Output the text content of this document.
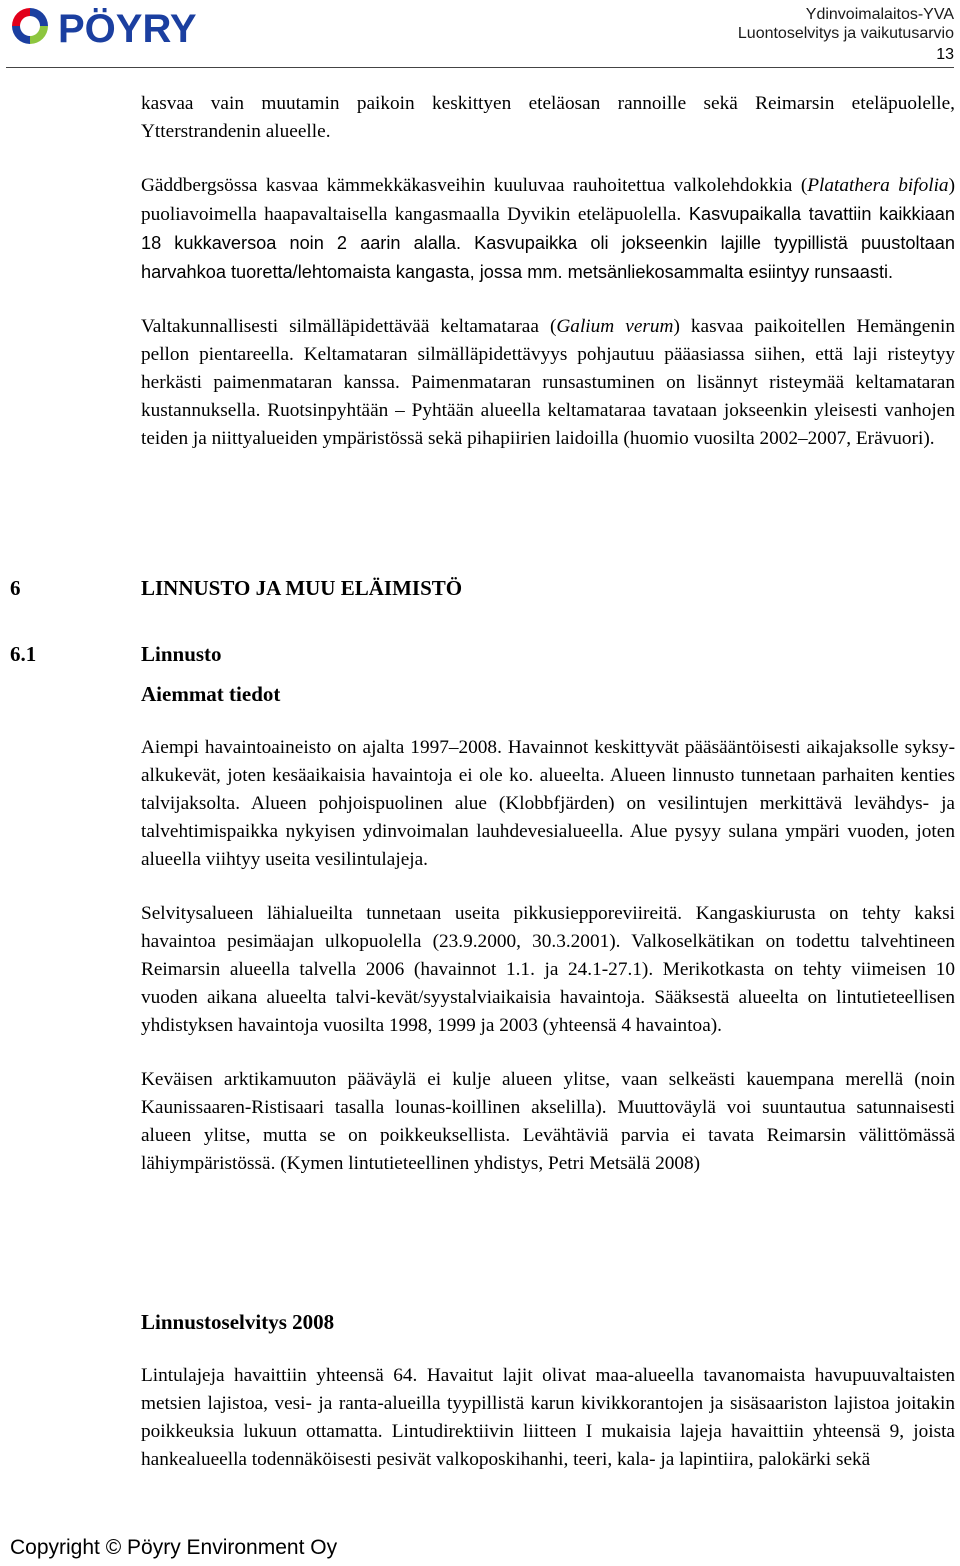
PÖYRY	Ydinvoimalaitos-YVA
Luontoselvitys ja vaikutusarvio
13

kasvaa vain muutamin paikoin keskittyen eteläosan rannoille sekä Reimarsin eteläpuolelle, Ytterstrandenin alueelle.

Gäddbergsössa kasvaa kämmekkäkasveihin kuuluvaa rauhoitettua valkolehdokkia (Platathera bifolia) puoliavoimella haapavaltaisella kangasmaalla Dyvikin eteläpuolella. Kasvupaikalla tavattiin kaikkiaan 18 kukkaversoa noin 2 aarin alalla. Kasvupaikka oli jokseenkin lajille tyypillistä puustoltaan harvahkoa tuoretta/lehtomaista kangasta, jossa mm. metsänliekosammalta esiintyy runsaasti.

Valtakunnallisesti silmälläpidettävää keltamataraa (Galium verum) kasvaa paikoitellen Hemängenin pellon pientareella. Keltamataran silmälläpidettävyys pohjautuu pääasiassa siihen, että laji risteytyy herkästi paimenmataran kanssa. Paimenmataran runsastuminen on lisännyt risteymää keltamataran kustannuksella. Ruotsinpyhtään – Pyhtään alueella keltamataraa tavataan jokseenkin yleisesti vanhojen teiden ja niittyalueiden ympäristössä sekä pihapiirien laidoilla (huomio vuosilta 2002–2007, Erävuori).

6	LINNUSTO JA MUU ELÄIMISTÖ
6.1	Linnusto
Aiemmat tiedot

Aiempi havaintoaineisto on ajalta 1997–2008. Havainnot keskittyvät pääsääntöisesti aikajaksolle syksy-alkukevät, joten kesäaikaisia havaintoja ei ole ko. alueelta. Alueen linnusto tunnetaan parhaiten kenties talvijaksolta. Alueen pohjoispuolinen alue (Klobbfjärden) on vesilintujen merkittävä levähdys- ja talvehtimispaikka nykyisen ydinvoimalan lauhdevesialueella. Alue pysyy sulana ympäri vuoden, joten alueella viihtyy useita vesilintulajeja.

Selvitysalueen lähialueilta tunnetaan useita pikkusiepporeviireitä. Kangaskiurusta on tehty kaksi havaintoa pesimäajan ulkopuolella (23.9.2000, 30.3.2001). Valkoselkätikan on todettu talvehtineen Reimarsin alueella talvella 2006 (havainnot 1.1. ja 24.1-27.1). Merikotkasta on tehty viimeisen 10 vuoden aikana alueelta talvi-kevät/syystalviaikaisia havaintoja. Sääksestä alueelta on lintutieteellisen yhdistyksen havaintoja vuosilta 1998, 1999 ja 2003 (yhteensä 4 havaintoa).

Keväisen arktikamuuton pääväylä ei kulje alueen ylitse, vaan selkeästi kauempana merellä (noin Kaunissaaren-Ristisaari tasalla lounas-koillinen akselilla). Muuttoväylä voi suuntautua satunnaisesti alueen ylitse, mutta se on poikkeuksellista. Levähtäviä parvia ei tavata Reimarsin välittömässä lähiympäristössä. (Kymen lintutieteellinen yhdistys, Petri Metsälä 2008)

Linnustoselvitys 2008

Lintulajeja havaittiin yhteensä 64. Havaitut lajit olivat maa-alueella tavanomaista havupuuvaltaisten metsien lajistoa, vesi- ja ranta-alueilla tyypillistä karun kivikkorantojen ja sisäsaariston lajistoa joitakin poikkeuksia lukuun ottamatta. Lintudirektiivin liitteen I mukaisia lajeja havaittiin yhteensä 9, joista hankealueella todennäköisesti pesivät valkoposkihanhi, teeri, kala- ja lapintiira, palokärki sekä

Copyright © Pöyry Environment Oy
